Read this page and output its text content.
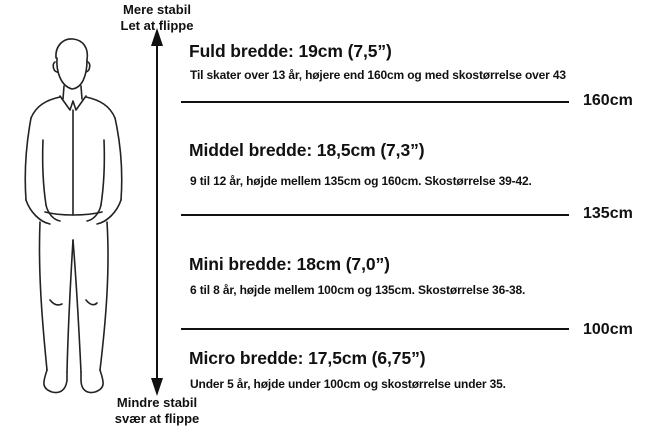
Mere stabil
Let at flippe
Mindre stabil
svær at flippe
Fuld bredde: 19cm (7,5”)
Til skater over 13 år, højere end 160cm og med skostørrelse over 43
160cm
Middel bredde: 18,5cm (7,3”)
9 til 12 år, højde mellem 135cm og 160cm. Skostørrelse 39-42.
135cm
Mini bredde: 18cm (7,0”)
6 til 8 år, højde mellem 100cm og 135cm. Skostørrelse 36-38.
100cm
Micro bredde: 17,5cm (6,75”)
Under 5 år, højde under 100cm og skostørrelse under 35.
